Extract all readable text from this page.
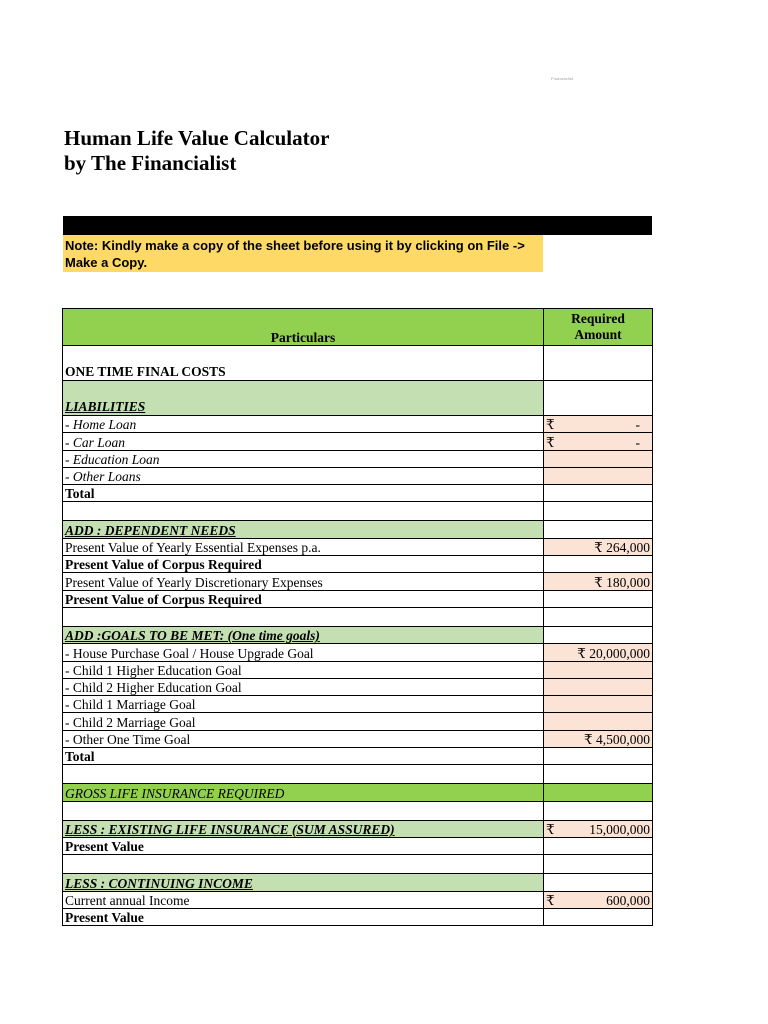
Financialist
Human Life Value Calculator
by The Financialist
Note: Kindly make a copy of the sheet before using it by clicking on File -> Make a Copy.
Particulars	Required
Amount

ONE TIME FINAL COSTS	
LIABILITIES	
- Home Loan	₹ -

- Car Loan	₹ -

- Education Loan	
- Other Loans	
Total	

ADD : DEPENDENT NEEDS	
Present Value of Yearly Essential Expenses p.a.	₹ 264,000
Present Value of Corpus Required	
Present Value of Yearly Discretionary Expenses	₹ 180,000
Present Value of Corpus Required	

ADD :GOALS TO BE MET: (One time goals)	
- House Purchase Goal / House Upgrade Goal	₹ 20,000,000
- Child 1 Higher Education Goal	
- Child 2 Higher Education Goal	
- Child 1 Marriage Goal	
- Child 2 Marriage Goal	
- Other One Time Goal	₹ 4,500,000
Total	

GROSS LIFE INSURANCE REQUIRED	

LESS : EXISTING LIFE INSURANCE (SUM ASSURED)	₹ 15,000,000

Present Value	

LESS : CONTINUING INCOME	
Current annual Income	₹ 600,000

Present Value	
